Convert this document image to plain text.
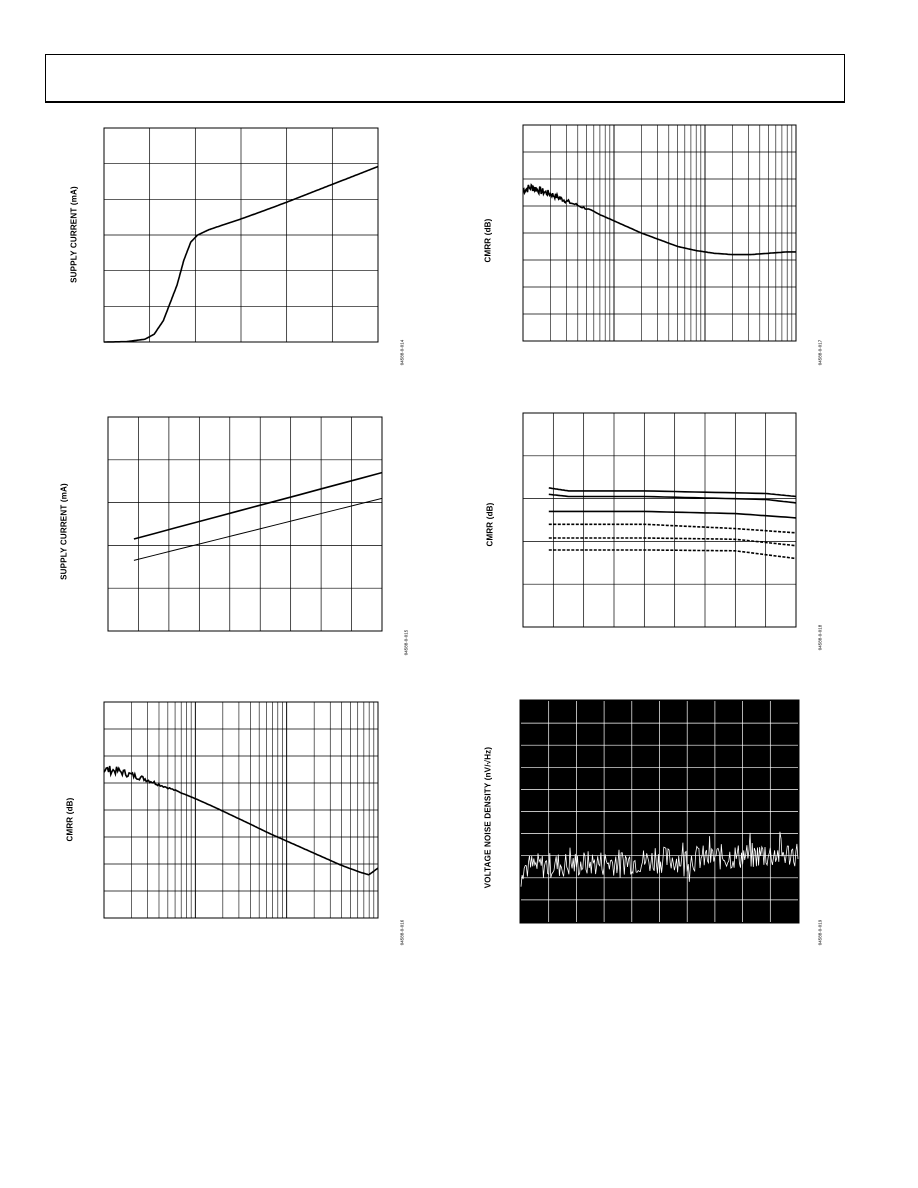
SUPPLY CURRENT (mA)
04588-0-014
CMRR (dB)
04588-0-017
SUPPLY CURRENT (mA)
04588-0-015
CMRR (dB)
04588-0-018
CMRR (dB)
04588-0-016
VOLTAGE NOISE DENSITY (nV/√Hz)
04588-0-019
